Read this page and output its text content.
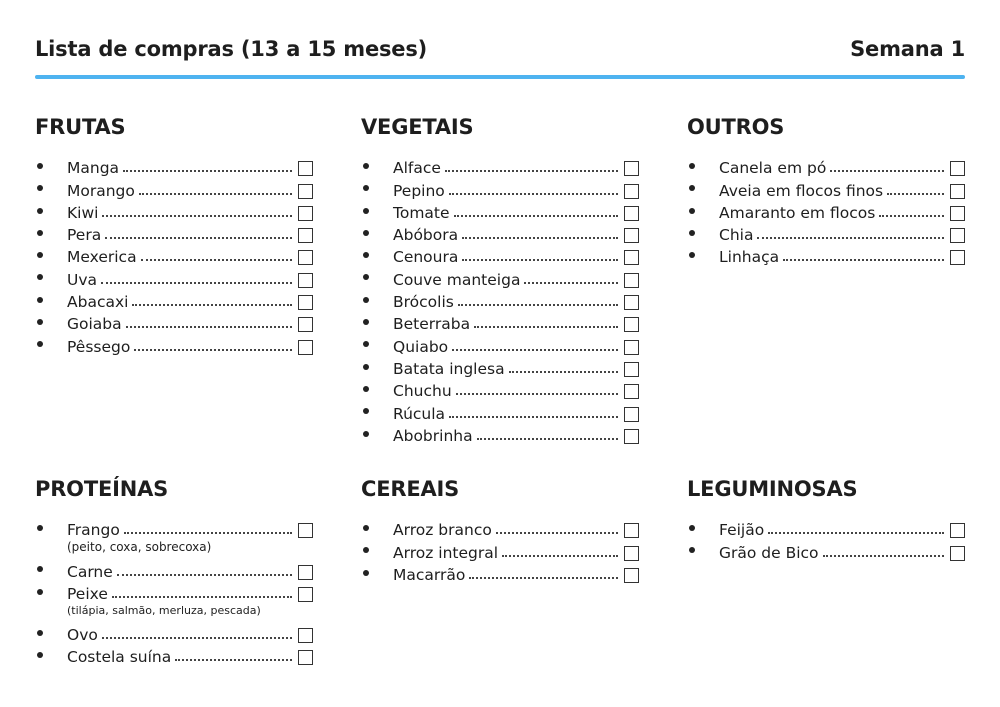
Lista de compras (13 a 15 meses)	Semana 1
FRUTAS
Manga
Morango
Kiwi
Pera
Mexerica
Uva
Abacaxi
Goiaba
Pêssego
VEGETAIS
Alface
Pepino
Tomate
Abóbora
Cenoura
Couve manteiga
Brócolis
Beterraba
Quiabo
Batata inglesa
Chuchu
Rúcula
Abobrinha
OUTROS
Canela em pó
Aveia em flocos finos
Amaranto em flocos
Chia
Linhaça
PROTEÍNAS
Frango
(peito, coxa, sobrecoxa)
Carne
Peixe
(tilápia, salmão, merluza, pescada)
Ovo
Costela suína
CEREAIS
Arroz branco
Arroz integral
Macarrão
LEGUMINOSAS
Feijão
Grão de Bico
